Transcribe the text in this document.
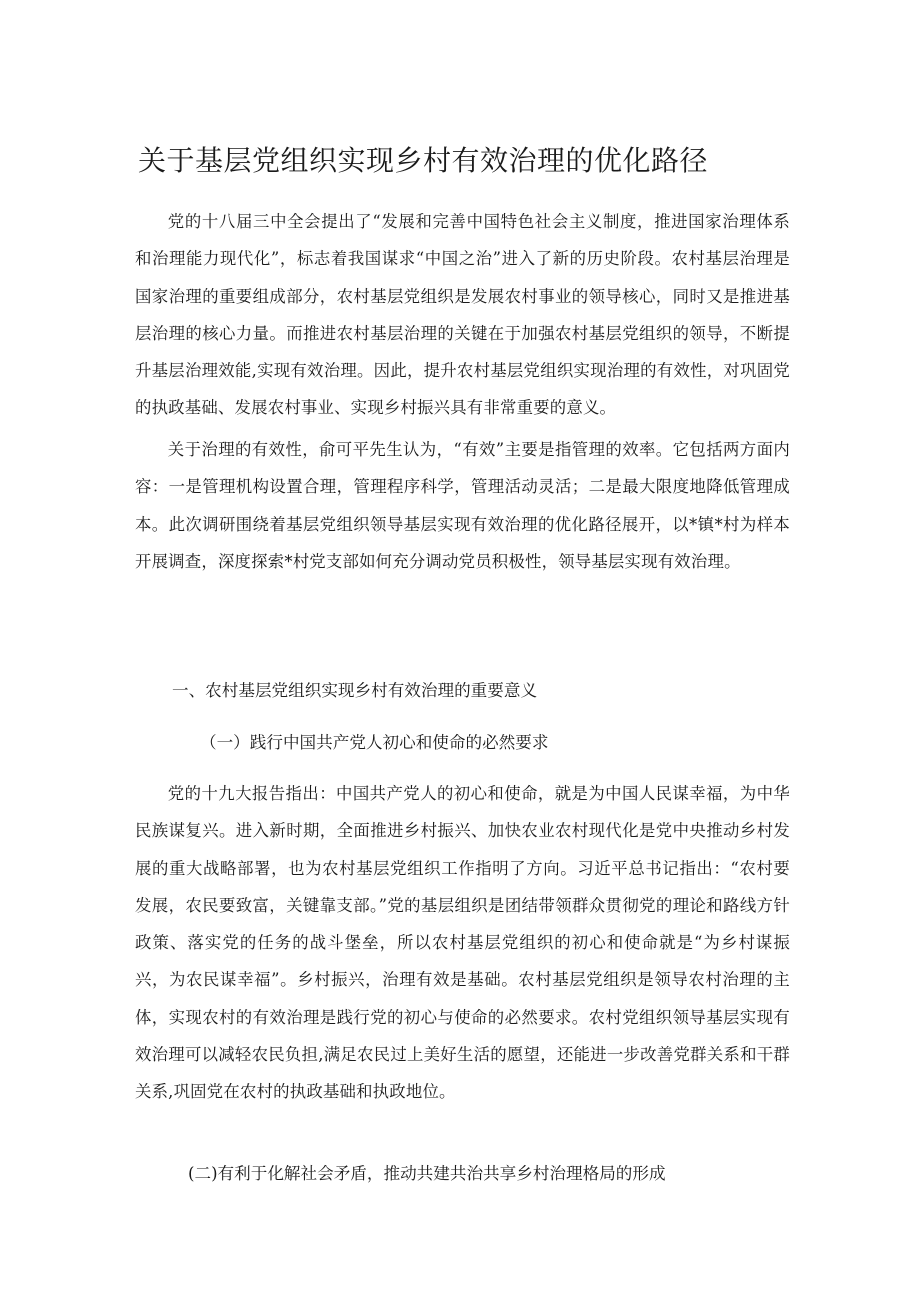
关于基层党组织实现乡村有效治理的优化路径

党的十八届三中全会提出了“发展和完善中国特色社会主义制度，推进国家治理体系和治理能力现代化”，标志着我国谋求“中国之治”进入了新的历史阶段。农村基层治理是国家治理的重要组成部分，农村基层党组织是发展农村事业的领导核心，同时又是推进基层治理的核心力量。而推进农村基层治理的关键在于加强农村基层党组织的领导，不断提升基层治理效能,实现有效治理。因此，提升农村基层党组织实现治理的有效性，对巩固党的执政基础、发展农村事业、实现乡村振兴具有非常重要的意义。

关于治理的有效性，俞可平先生认为，“有效”主要是指管理的效率。它包括两方面内容：一是管理机构设置合理，管理程序科学，管理活动灵活；二是最大限度地降低管理成本。此次调研围绕着基层党组织领导基层实现有效治理的优化路径展开，以*镇*村为样本开展调查，深度探索*村党支部如何充分调动党员积极性，领导基层实现有效治理。

一、农村基层党组织实现乡村有效治理的重要意义
（一）践行中国共产党人初心和使命的必然要求

党的十九大报告指出：中国共产党人的初心和使命，就是为中国人民谋幸福，为中华民族谋复兴。进入新时期，全面推进乡村振兴、加快农业农村现代化是党中央推动乡村发展的重大战略部署，也为农村基层党组织工作指明了方向。习近平总书记指出：“农村要发展，农民要致富，关键靠支部。”党的基层组织是团结带领群众贯彻党的理论和路线方针政策、落实党的任务的战斗堡垒，所以农村基层党组织的初心和使命就是“为乡村谋振兴，为农民谋幸福”。乡村振兴，治理有效是基础。农村基层党组织是领导农村治理的主体，实现农村的有效治理是践行党的初心与使命的必然要求。农村党组织领导基层实现有效治理可以减轻农民负担,满足农民过上美好生活的愿望，还能进一步改善党群关系和干群关系,巩固党在农村的执政基础和执政地位。

(二)有利于化解社会矛盾，推动共建共治共享乡村治理格局的形成
